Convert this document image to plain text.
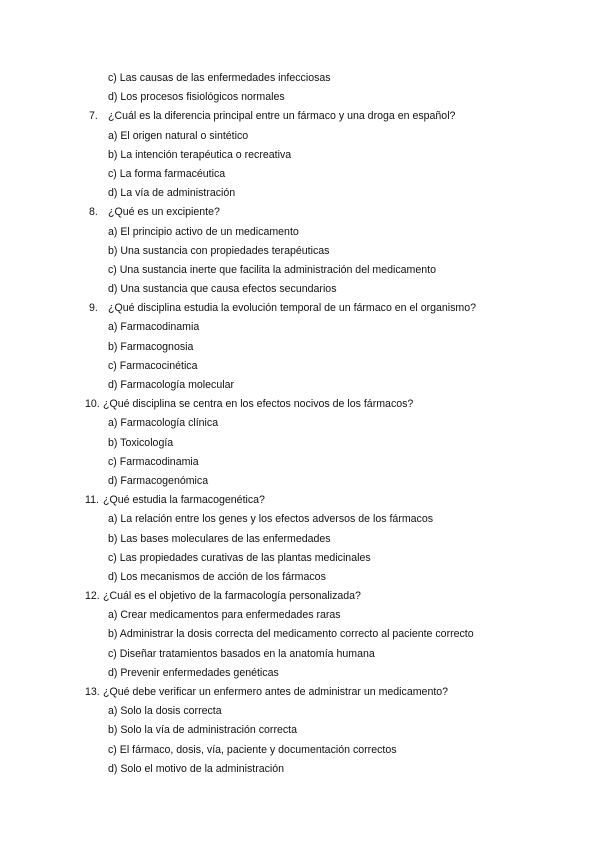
c) Las causas de las enfermedades infecciosas
d) Los procesos fisiológicos normales
7. ¿Cuál es la diferencia principal entre un fármaco y una droga en español?
a) El origen natural o sintético
b) La intención terapéutica o recreativa
c) La forma farmacéutica
d) La vía de administración
8. ¿Qué es un excipiente?
a) El principio activo de un medicamento
b) Una sustancia con propiedades terapéuticas
c) Una sustancia inerte que facilita la administración del medicamento
d) Una sustancia que causa efectos secundarios
9. ¿Qué disciplina estudia la evolución temporal de un fármaco en el organismo?
a) Farmacodinamia
b) Farmacognosia
c) Farmacocinética
d) Farmacología molecular
10. ¿Qué disciplina se centra en los efectos nocivos de los fármacos?
a) Farmacología clínica
b) Toxicología
c) Farmacodinamia
d) Farmacogenómica
11. ¿Qué estudia la farmacogenética?
a) La relación entre los genes y los efectos adversos de los fármacos
b) Las bases moleculares de las enfermedades
c) Las propiedades curativas de las plantas medicinales
d) Los mecanismos de acción de los fármacos
12. ¿Cuál es el objetivo de la farmacología personalizada?
a) Crear medicamentos para enfermedades raras
b) Administrar la dosis correcta del medicamento correcto al paciente correcto
c) Diseñar tratamientos basados en la anatomía humana
d) Prevenir enfermedades genéticas
13. ¿Qué debe verificar un enfermero antes de administrar un medicamento?
a) Solo la dosis correcta
b) Solo la vía de administración correcta
c) El fármaco, dosis, vía, paciente y documentación correctos
d) Solo el motivo de la administración
